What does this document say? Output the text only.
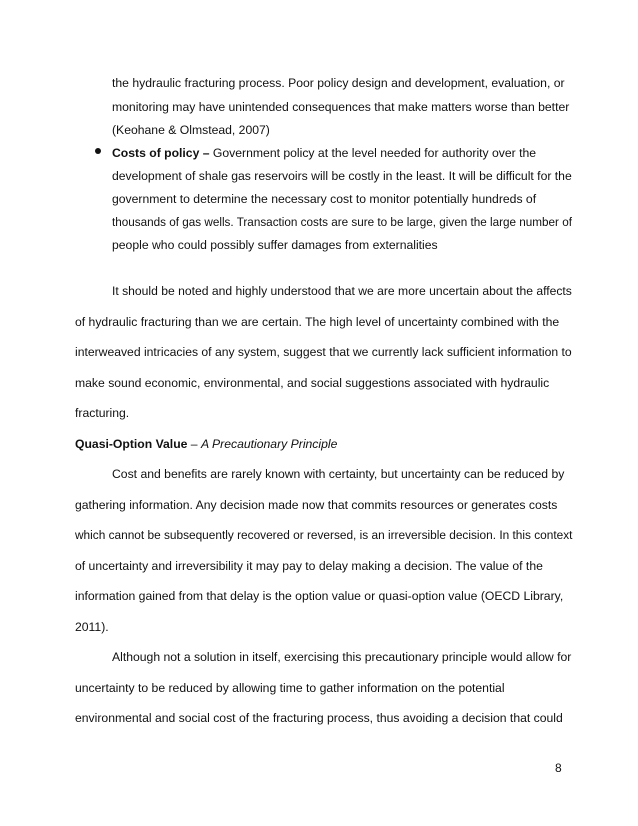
the hydraulic fracturing process. Poor policy design and development, evaluation, or

monitoring may have unintended consequences that make matters worse than better

(Keohane & Olmstead, 2007)

Costs of policy – Government policy at the level needed for authority over the

development of shale gas reservoirs will be costly in the least. It will be difficult for the

government to determine the necessary cost to monitor potentially hundreds of

thousands of gas wells. Transaction costs are sure to be large, given the large number of

people who could possibly suffer damages from externalities

It should be noted and highly understood that we are more uncertain about the affects

of hydraulic fracturing than we are certain. The high level of uncertainty combined with the

interweaved intricacies of any system, suggest that we currently lack sufficient information to

make sound economic, environmental, and social suggestions associated with hydraulic

fracturing.

Quasi-Option Value – A Precautionary Principle

Cost and benefits are rarely known with certainty, but uncertainty can be reduced by

gathering information. Any decision made now that commits resources or generates costs

which cannot be subsequently recovered or reversed, is an irreversible decision. In this context

of uncertainty and irreversibility it may pay to delay making a decision. The value of the

information gained from that delay is the option value or quasi-option value (OECD Library,

2011).

Although not a solution in itself, exercising this precautionary principle would allow for

uncertainty to be reduced by allowing time to gather information on the potential

environmental and social cost of the fracturing process, thus avoiding a decision that could

8
